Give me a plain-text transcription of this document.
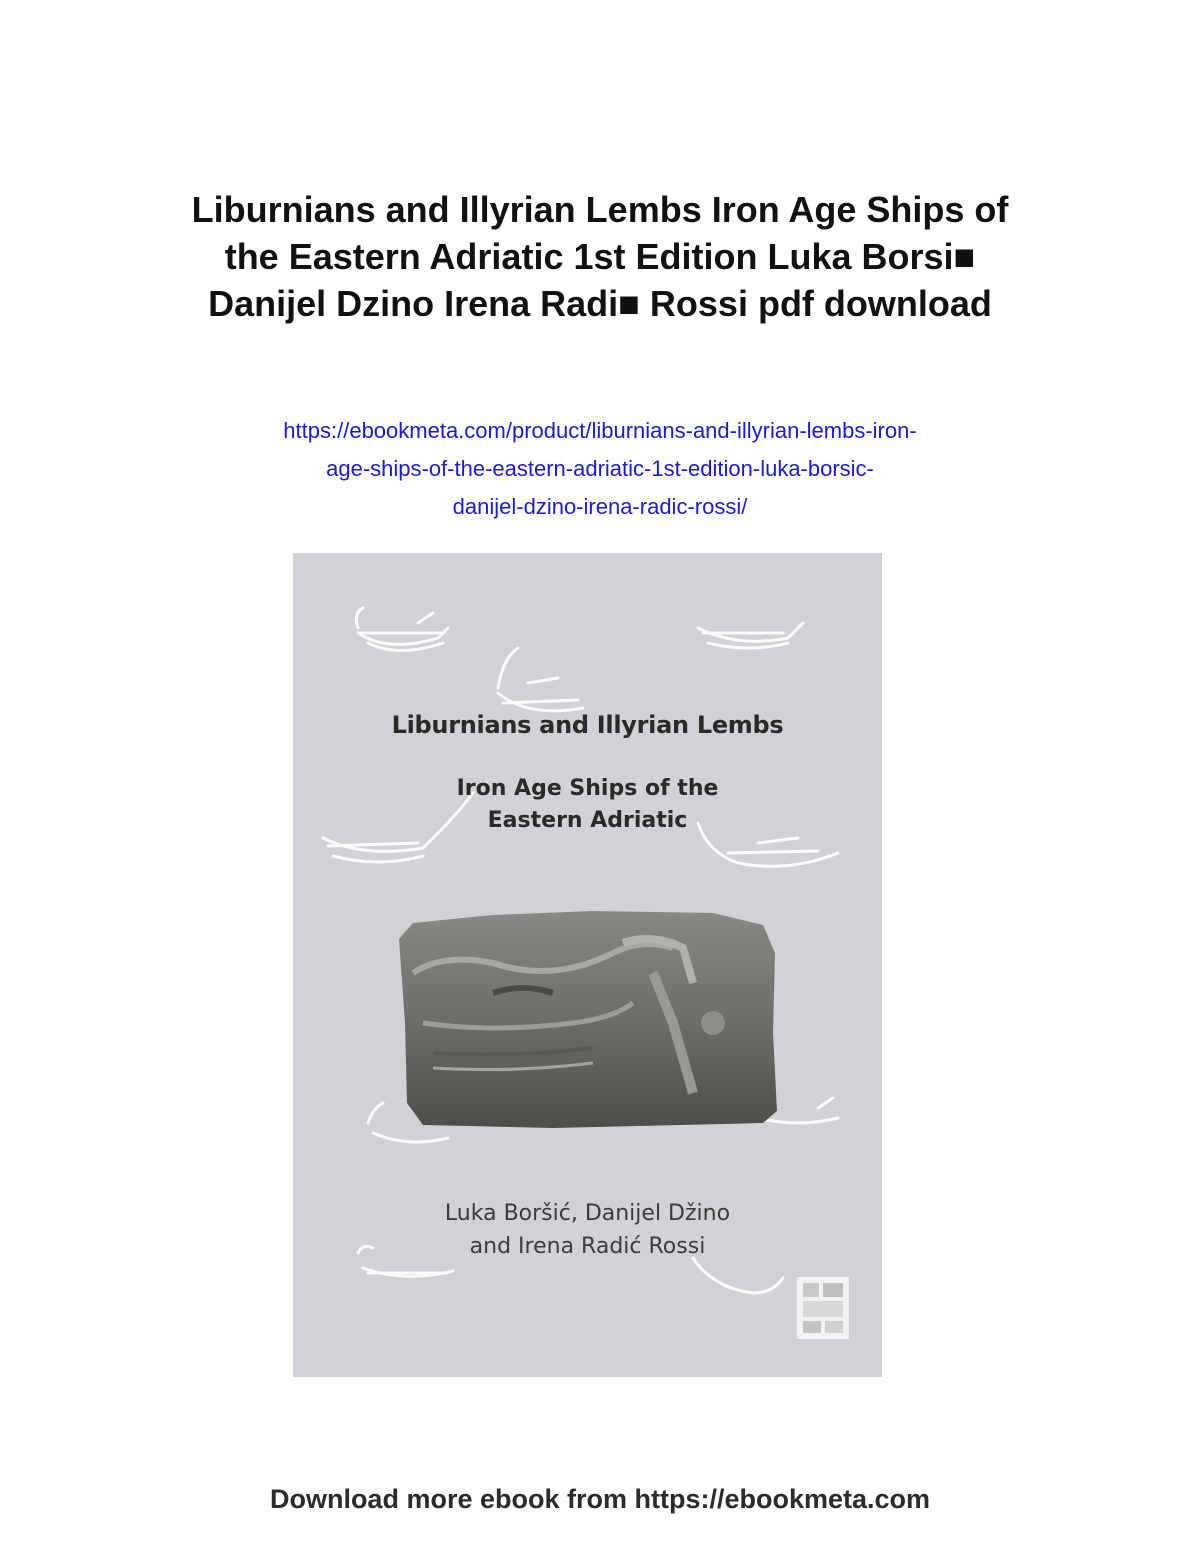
Liburnians and Illyrian Lembs Iron Age Ships of
the Eastern Adriatic 1st Edition Luka Borsi■
Danijel Dzino Irena Radi■ Rossi pdf download
https://ebookmeta.com/product/liburnians-and-illyrian-lembs-iron-
age-ships-of-the-eastern-adriatic-1st-edition-luka-borsic-
danijel-dzino-irena-radic-rossi/
Liburnians and Illyrian Lembs
Iron Age Ships of the
Eastern Adriatic
Luka Boršić, Danijel Džino
and Irena Radić Rossi
Download more ebook from https://ebookmeta.com
